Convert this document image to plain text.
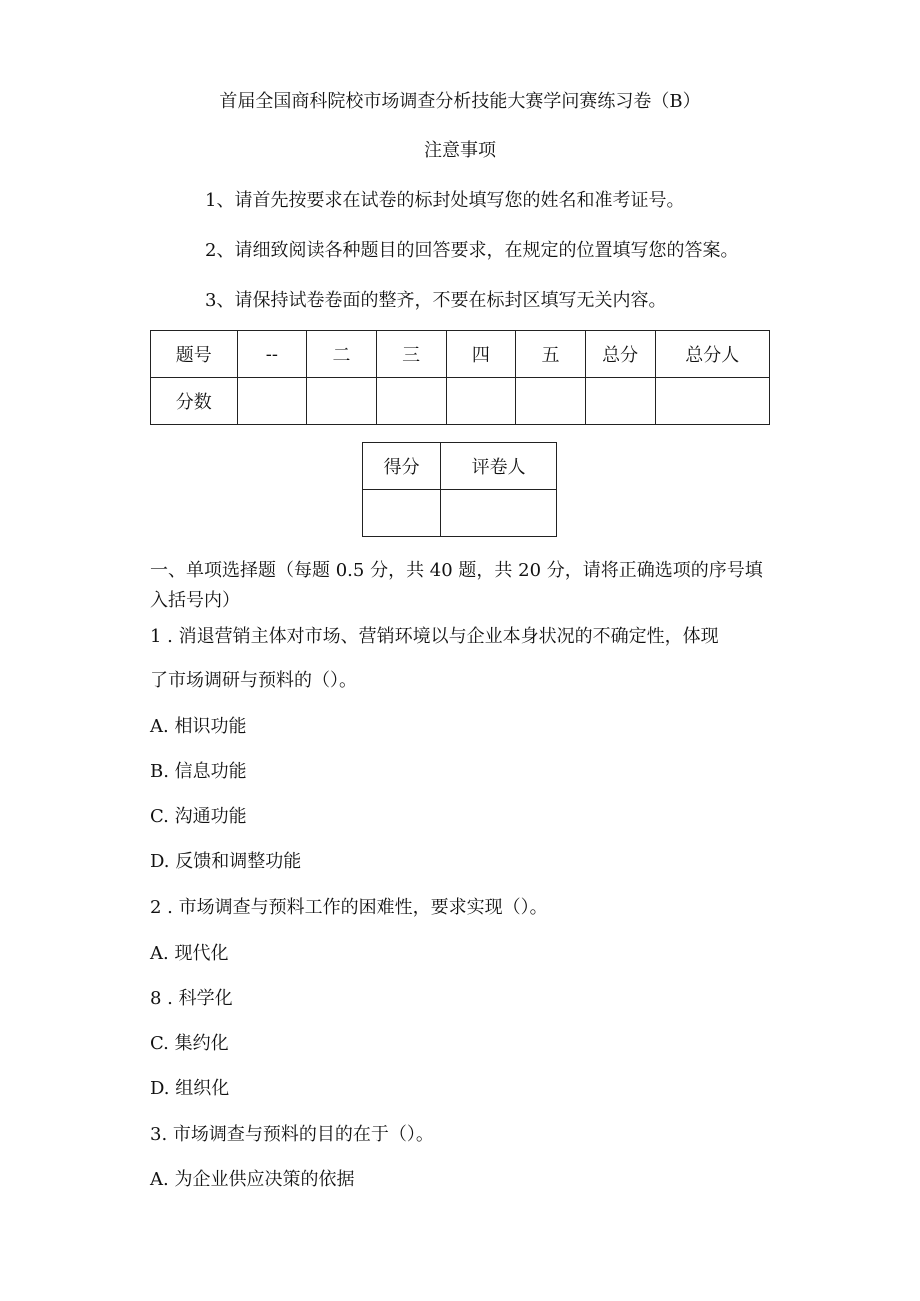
首届全国商科院校市场调查分析技能大赛学问赛练习卷（B）
注意事项
1、请首先按要求在试卷的标封处填写您的姓名和准考证号。
2、请细致阅读各种题目的回答要求，在规定的位置填写您的答案。
3、请保持试卷卷面的整齐，不要在标封区填写无关内容。
题号	--	二	三	四	五	总分	总分人
分数							
得分	评卷人

一、单项选择题（每题 0.5 分，共 40 题，共 20 分，请将正确选项的序号填
入括号内）
1 . 消退营销主体对市场、营销环境以与企业本身状况的不确定性，体现
了市场调研与预料的（）。
A. 相识功能
B. 信息功能
C. 沟通功能
D. 反馈和调整功能
2 . 市场调查与预料工作的困难性，要求实现（）。
A. 现代化
8 . 科学化
C. 集约化
D. 组织化
3. 市场调查与预料的目的在于（）。
A. 为企业供应决策的依据
